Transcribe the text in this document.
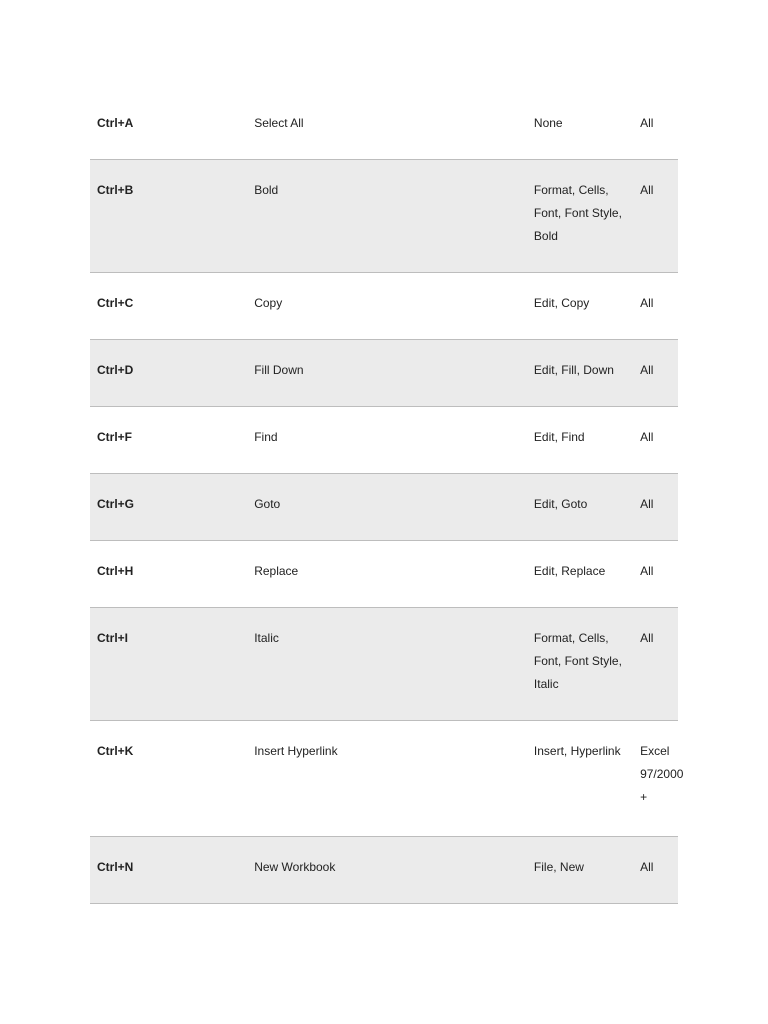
Ctrl+A	Select All	None	All
Ctrl+B	Bold	Format, Cells, Font, Font Style, Bold	All
Ctrl+C	Copy	Edit, Copy	All
Ctrl+D	Fill Down	Edit, Fill, Down	All
Ctrl+F	Find	Edit, Find	All
Ctrl+G	Goto	Edit, Goto	All
Ctrl+H	Replace	Edit, Replace	All
Ctrl+I	Italic	Format, Cells, Font, Font Style, Italic	All
Ctrl+K	Insert Hyperlink	Insert, Hyperlink	Excel 97/2000 +
Ctrl+N	New Workbook	File, New	All
